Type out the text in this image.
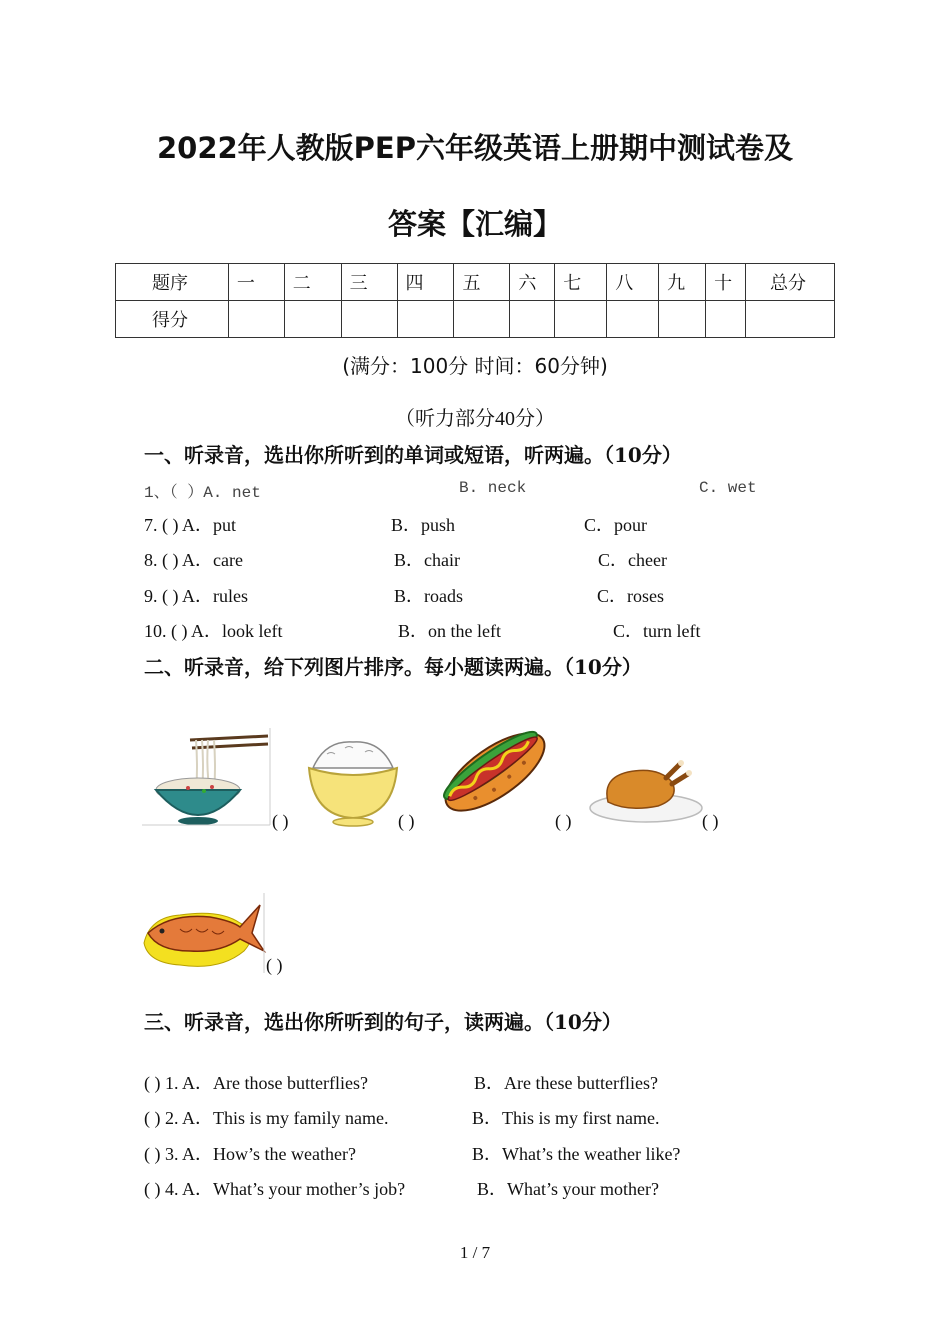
2022年人教版PEP六年级英语上册期中测试卷及
答案【汇编】
题序	一	二	三	四	五	六	七	八	九	十	总分
得分											
(满分：100分 时间：60分钟)
（听力部分40分）
一、听录音，选出你所听到的单词或短语，听两遍。（10分）
1、（ ）A. net	B. neck	C. wet
7. ( ) A．put	B．push	C．pour
8. ( ) A．care	B．chair	C．cheer
9. ( ) A．rules	B．roads	C．roses
10. ( ) A．look left	B．on the left	C．turn left
二、听录音，给下列图片排序。每小题读两遍。（10分）
( )	( )	( )	( )
( )
三、听录音，选出你所听到的句子，读两遍。（10分）
( ) 1. A．Are those butterflies?	B．Are these butterflies?
( ) 2. A．This is my family name.	B．This is my first name.
( ) 3. A．How’s the weather?	B．What’s the weather like?
( ) 4. A．What’s your mother’s job?	B．What’s your mother?
1 / 7
